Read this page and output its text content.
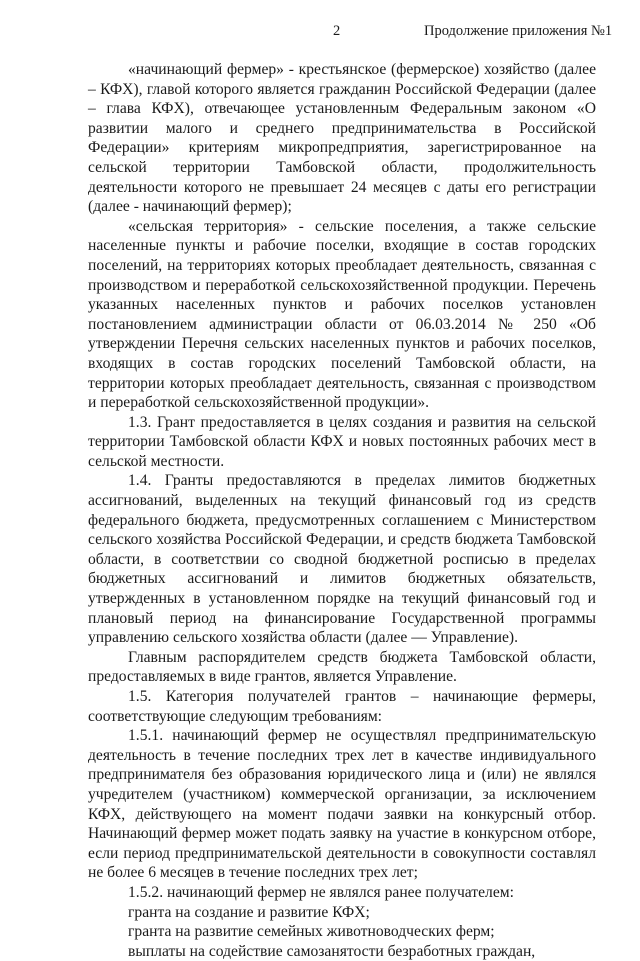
2	Продолжение приложения №1

«начинающий фермер» - крестьянское (фермерское) хозяйство (далее – КФХ), главой которого является гражданин Российской Федерации (далее – глава КФХ), отвечающее установленным Федеральным законом «О развитии малого и среднего предпринимательства в Российской Федерации» критериям микропредприятия, зарегистрированное на сельской территории Тамбовской области, продолжительность деятельности которого не превышает 24 месяцев с даты его регистрации (далее - начинающий фермер);

«сельская территория» - сельские поселения, а также сельские населенные пункты и рабочие поселки, входящие в состав городских поселений, на территориях которых преобладает деятельность, связанная с производством и переработкой сельскохозяйственной продукции. Перечень указанных населенных пунктов и рабочих поселков установлен постановлением администрации области от 06.03.2014 № 250 «Об утверждении Перечня сельских населенных пунктов и рабочих поселков, входящих в состав городских поселений Тамбовской области, на территории которых преобладает деятельность, связанная с производством и переработкой сельскохозяйственной продукции».

1.3. Грант предоставляется в целях создания и развития на сельской территории Тамбовской области КФХ и новых постоянных рабочих мест в сельской местности.

1.4. Гранты предоставляются в пределах лимитов бюджетных ассигнований, выделенных на текущий финансовый год из средств федерального бюджета, предусмотренных соглашением с Министерством сельского хозяйства Российской Федерации, и средств бюджета Тамбовской области, в соответствии со сводной бюджетной росписью в пределах бюджетных ассигнований и лимитов бюджетных обязательств, утвержденных в установленном порядке на текущий финансовый год и плановый период на финансирование Государственной программы управлению сельского хозяйства области (далее — Управление).

Главным распорядителем средств бюджета Тамбовской области, предоставляемых в виде грантов, является Управление.

1.5. Категория получателей грантов – начинающие фермеры, соответствующие следующим требованиям:

1.5.1. начинающий фермер не осуществлял предпринимательскую деятельность в течение последних трех лет в качестве индивидуального предпринимателя без образования юридического лица и (или) не являлся учредителем (участником) коммерческой организации, за исключением КФХ, действующего на момент подачи заявки на конкурсный отбор. Начинающий фермер может подать заявку на участие в конкурсном отборе, если период предпринимательской деятельности в совокупности составлял не более 6 месяцев в течение последних трех лет;

1.5.2. начинающий фермер не являлся ранее получателем:

гранта на создание и развитие КФХ;

гранта на развитие семейных животноводческих ферм;

выплаты на содействие самозанятости безработных граждан,
